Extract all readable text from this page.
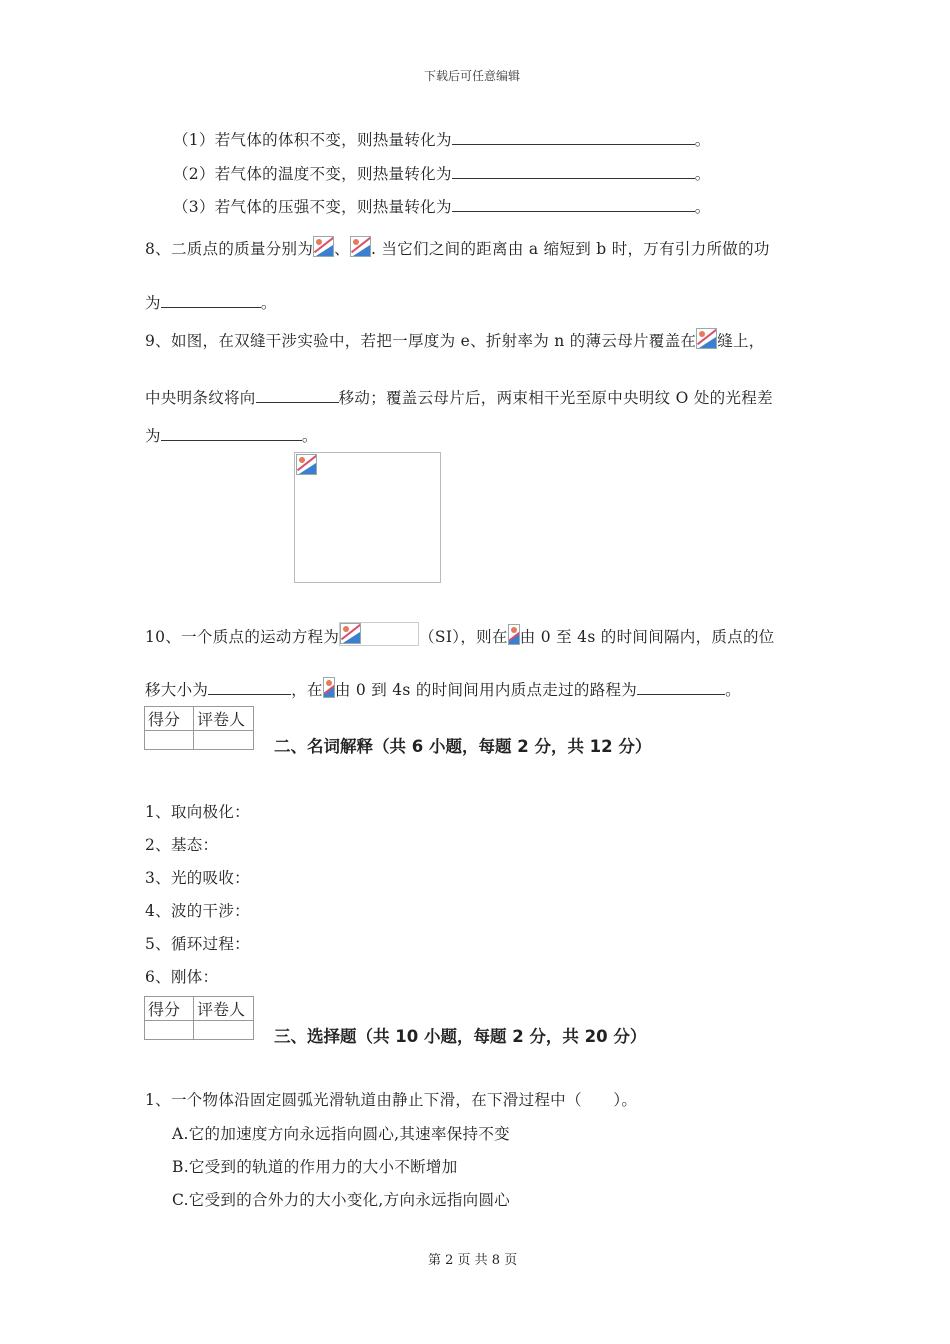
下载后可任意编辑
（1）若气体的体积不变，则热量转化为	。
（2）若气体的温度不变，则热量转化为	。
（3）若气体的压强不变，则热量转化为	。
8、二质点的质量分别为 、 . 当它们之间的距离由 a 缩短到 b 时，万有引力所做的功
为	。
9、如图，在双缝干涉实验中，若把一厚度为 e、折射率为 n 的薄云母片覆盖在 缝上，
中央明条纹将向	移动；覆盖云母片后，两束相干光至原中央明纹 O 处的光程差
为	。
10、一个质点的运动方程为	（SI），则在 由 0 至 4s 的时间间隔内，质点的位
移大小为	，在 由 0 到 4s 的时间间用内质点走过的路程为	。
得分	评卷人

二、名词解释（共 6 小题，每题 2 分，共 12 分）
1、取向极化：
2、基态：
3、光的吸收：
4、波的干涉：
5、循环过程：
6、刚体：
得分	评卷人

三、选择题（共 10 小题，每题 2 分，共 20 分）
1、一个物体沿固定圆弧光滑轨道由静止下滑，在下滑过程中（　　）。
A.它的加速度方向永远指向圆心,其速率保持不变
B.它受到的轨道的作用力的大小不断增加
C.它受到的合外力的大小变化,方向永远指向圆心
第 2 页 共 8 页
